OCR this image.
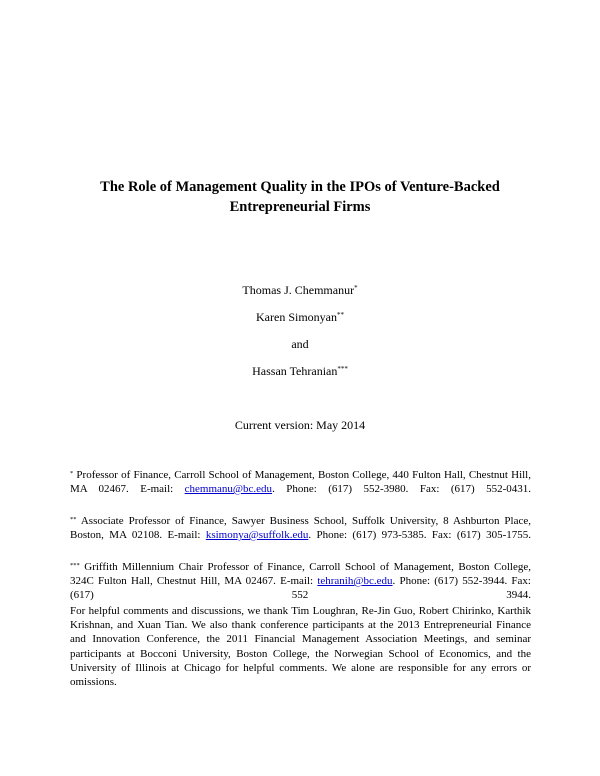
The Role of Management Quality in the IPOs of Venture-Backed
Entrepreneurial Firms
Thomas J. Chemmanur*
Karen Simonyan**
and
Hassan Tehranian***
Current version: May 2014
* Professor of Finance, Carroll School of Management, Boston College, 440 Fulton Hall, Chestnut Hill, MA 02467. E-mail: chemmanu@bc.edu. Phone: (617) 552-3980. Fax: (617) 552-0431.
** Associate Professor of Finance, Sawyer Business School, Suffolk University, 8 Ashburton Place, Boston, MA 02108. E-mail: ksimonya@suffolk.edu. Phone: (617) 973-5385. Fax: (617) 305-1755.
*** Griffith Millennium Chair Professor of Finance, Carroll School of Management, Boston College, 324C Fulton Hall, Chestnut Hill, MA 02467. E-mail: tehranih@bc.edu. Phone: (617) 552-3944. Fax: (617) 552 3944.
For helpful comments and discussions, we thank Tim Loughran, Re-Jin Guo, Robert Chirinko, Karthik Krishnan, and Xuan Tian. We also thank conference participants at the 2013 Entrepreneurial Finance and Innovation Conference, the 2011 Financial Management Association Meetings, and seminar participants at Bocconi University, Boston College, the Norwegian School of Economics, and the University of Illinois at Chicago for helpful comments. We alone are responsible for any errors or omissions.
